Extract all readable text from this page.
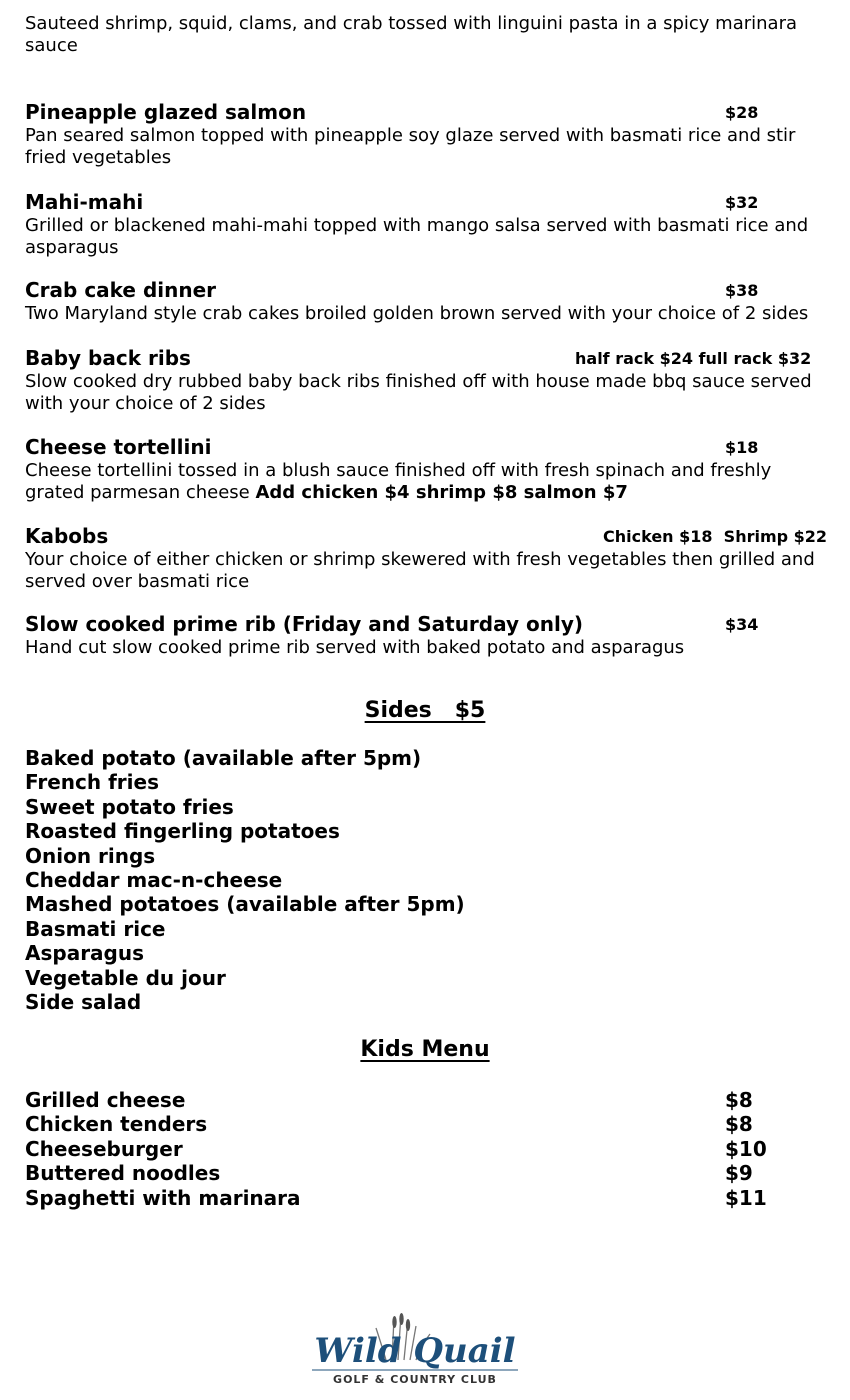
Sauteed shrimp, squid, clams, and crab tossed with linguini pasta in a spicy marinara sauce
Pineapple glazed salmon	$28
Pan seared salmon topped with pineapple soy glaze served with basmati rice and stir fried vegetables
Mahi-mahi	$32
Grilled or blackened mahi-mahi topped with mango salsa served with basmati rice and asparagus
Crab cake dinner	$38
Two Maryland style crab cakes broiled golden brown served with your choice of 2 sides
Baby back ribs	half rack $24 full rack $32
Slow cooked dry rubbed baby back ribs finished off with house made bbq sauce served with your choice of 2 sides
Cheese tortellini	$18
Cheese tortellini tossed in a blush sauce finished off with fresh spinach and freshly grated parmesan cheese Add chicken $4 shrimp $8 salmon $7
Kabobs	Chicken $18  Shrimp $22
Your choice of either chicken or shrimp skewered with fresh vegetables then grilled and served over basmati rice
Slow cooked prime rib (Friday and Saturday only)	$34
Hand cut slow cooked prime rib served with baked potato and asparagus
Sides   $5
Baked potato (available after 5pm)
French fries
Sweet potato fries
Roasted fingerling potatoes
Onion rings
Cheddar mac-n-cheese
Mashed potatoes (available after 5pm)
Basmati rice
Asparagus
Vegetable du jour
Side salad
Kids Menu
Grilled cheese	$8
Chicken tenders	$8
Cheeseburger	$10
Buttered noodles	$9
Spaghetti with marinara	$11
Wild Quail
GOLF & COUNTRY CLUB
